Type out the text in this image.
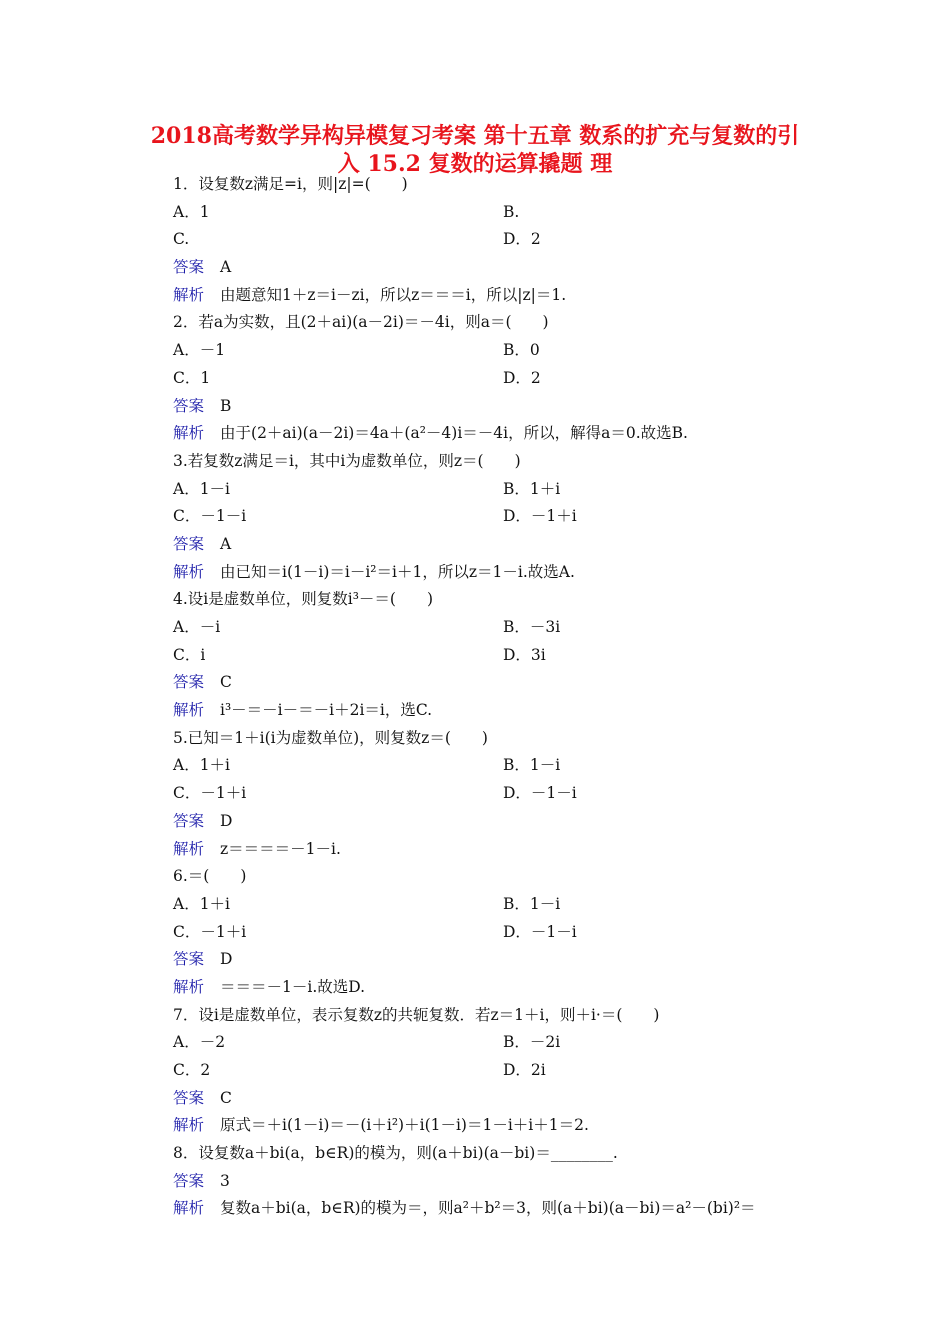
2018高考数学异构异模复习考案 第十五章 数系的扩充与复数的引
入 15.2 复数的运算撬题 理
1．设复数z满足=i，则|z|=(　　)
A．1	B.
C.	D．2
答案 A
解析 由题意知1＋z＝i－zi，所以z＝＝＝i，所以|z|＝1.
2．若a为实数，且(2＋ai)(a－2i)＝－4i，则a＝(　　)
A．－1	B．0
C．1	D．2
答案 B
解析 由于(2＋ai)(a－2i)＝4a＋(a²－4)i＝－4i，所以，解得a＝0.故选B.
3.若复数z满足＝i，其中i为虚数单位，则z＝(　　)
A．1－i	B．1＋i
C．－1－i	D．－1＋i
答案 A
解析 由已知＝i(1－i)＝i－i²＝i＋1，所以z＝1－i.故选A.
4.设i是虚数单位，则复数i³－＝(　　)
A．－i	B．－3i
C．i	D．3i
答案 C
解析 i³－＝－i－＝－i＋2i＝i，选C.
5.已知＝1＋i(i为虚数单位)，则复数z＝(　　)
A．1＋i	B．1－i
C．－1＋i	D．－1－i
答案 D
解析 z＝＝＝＝－1－i.
6.＝(　　)
A．1＋i	B．1－i
C．－1＋i	D．－1－i
答案 D
解析 ＝＝＝－1－i.故选D.
7．设i是虚数单位，表示复数z的共轭复数．若z＝1＋i，则＋i·＝(　　)
A．－2	B．－2i
C．2	D．2i
答案 C
解析 原式＝＋i(1－i)＝－(i＋i²)＋i(1－i)＝1－i＋i＋1＝2.
8．设复数a＋bi(a，b∈R)的模为，则(a＋bi)(a－bi)＝________.
答案 3
解析 复数a＋bi(a，b∈R)的模为＝，则a²＋b²＝3，则(a＋bi)(a－bi)＝a²－(bi)²＝
